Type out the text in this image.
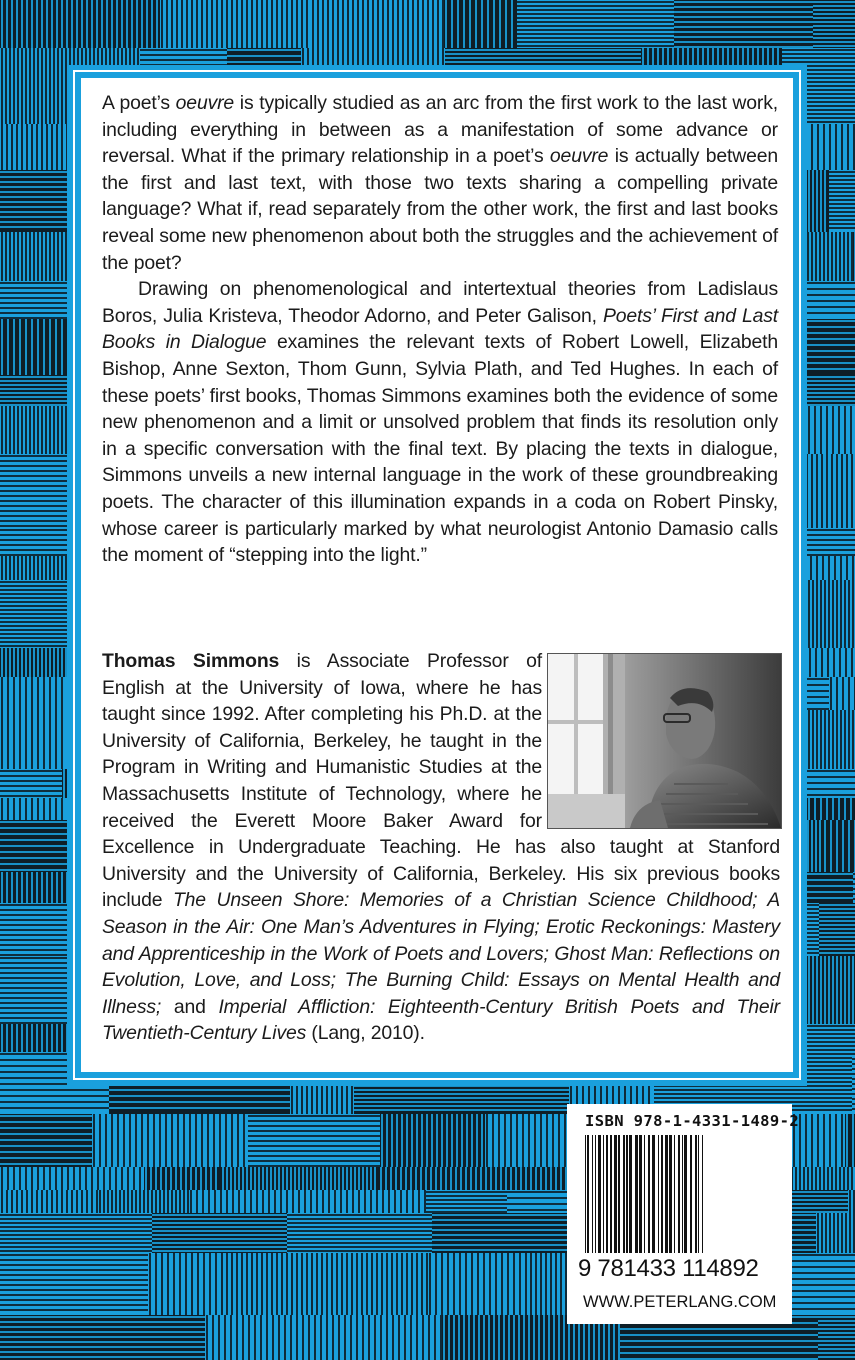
A poet’s oeuvre is typically studied as an arc from the first work to the last work, including everything in between as a manifestation of some advance or reversal. What if the primary relationship in a poet’s oeuvre is actually between the first and last text, with those two texts sharing a compelling private language? What if, read separately from the other work, the first and last books reveal some new phenomenon about both the struggles and the achievement of the poet?

Drawing on phenomenological and intertextual theories from Ladislaus Boros, Julia Kristeva, Theodor Adorno, and Peter Galison, Poets’ First and Last Books in Dialogue examines the relevant texts of Robert Lowell, Elizabeth Bishop, Anne Sexton, Thom Gunn, Sylvia Plath, and Ted Hughes. In each of these poets’ first books, Thomas Simmons examines both the evidence of some new phenomenon and a limit or unsolved problem that finds its resolution only in a specific conversation with the final text. By placing the texts in dialogue, Simmons unveils a new internal language in the work of these groundbreaking poets. The character of this illumination expands in a coda on Robert Pinsky, whose career is particularly marked by what neurologist Antonio Damasio calls the moment of “stepping into the light.”

Thomas Simmons is Associate Professor of English at the University of Iowa, where he has taught since 1992. After completing his Ph.D. at the University of California, Berkeley, he taught in the Program in Writing and Humanistic Studies at the Massachusetts Institute of Technology, where he received the Everett Moore Baker Award for Excellence in Undergraduate Teaching. He has also taught at Stanford University and the University of California, Berkeley. His six previous books include The Unseen Shore: Memories of a Christian Science Childhood; A Season in the Air: One Man’s Adventures in Flying; Erotic Reckonings: Mastery and Apprenticeship in the Work of Poets and Lovers; Ghost Man: Reflections on Evolution, Love, and Loss; The Burning Child: Essays on Mental Health and Illness; and Imperial Affliction: Eighteenth-Century British Poets and Their Twentieth-Century Lives (Lang, 2010).
ISBN 978-1-4331-1489-2
9 781433 114892
WWW.PETERLANG.COM
